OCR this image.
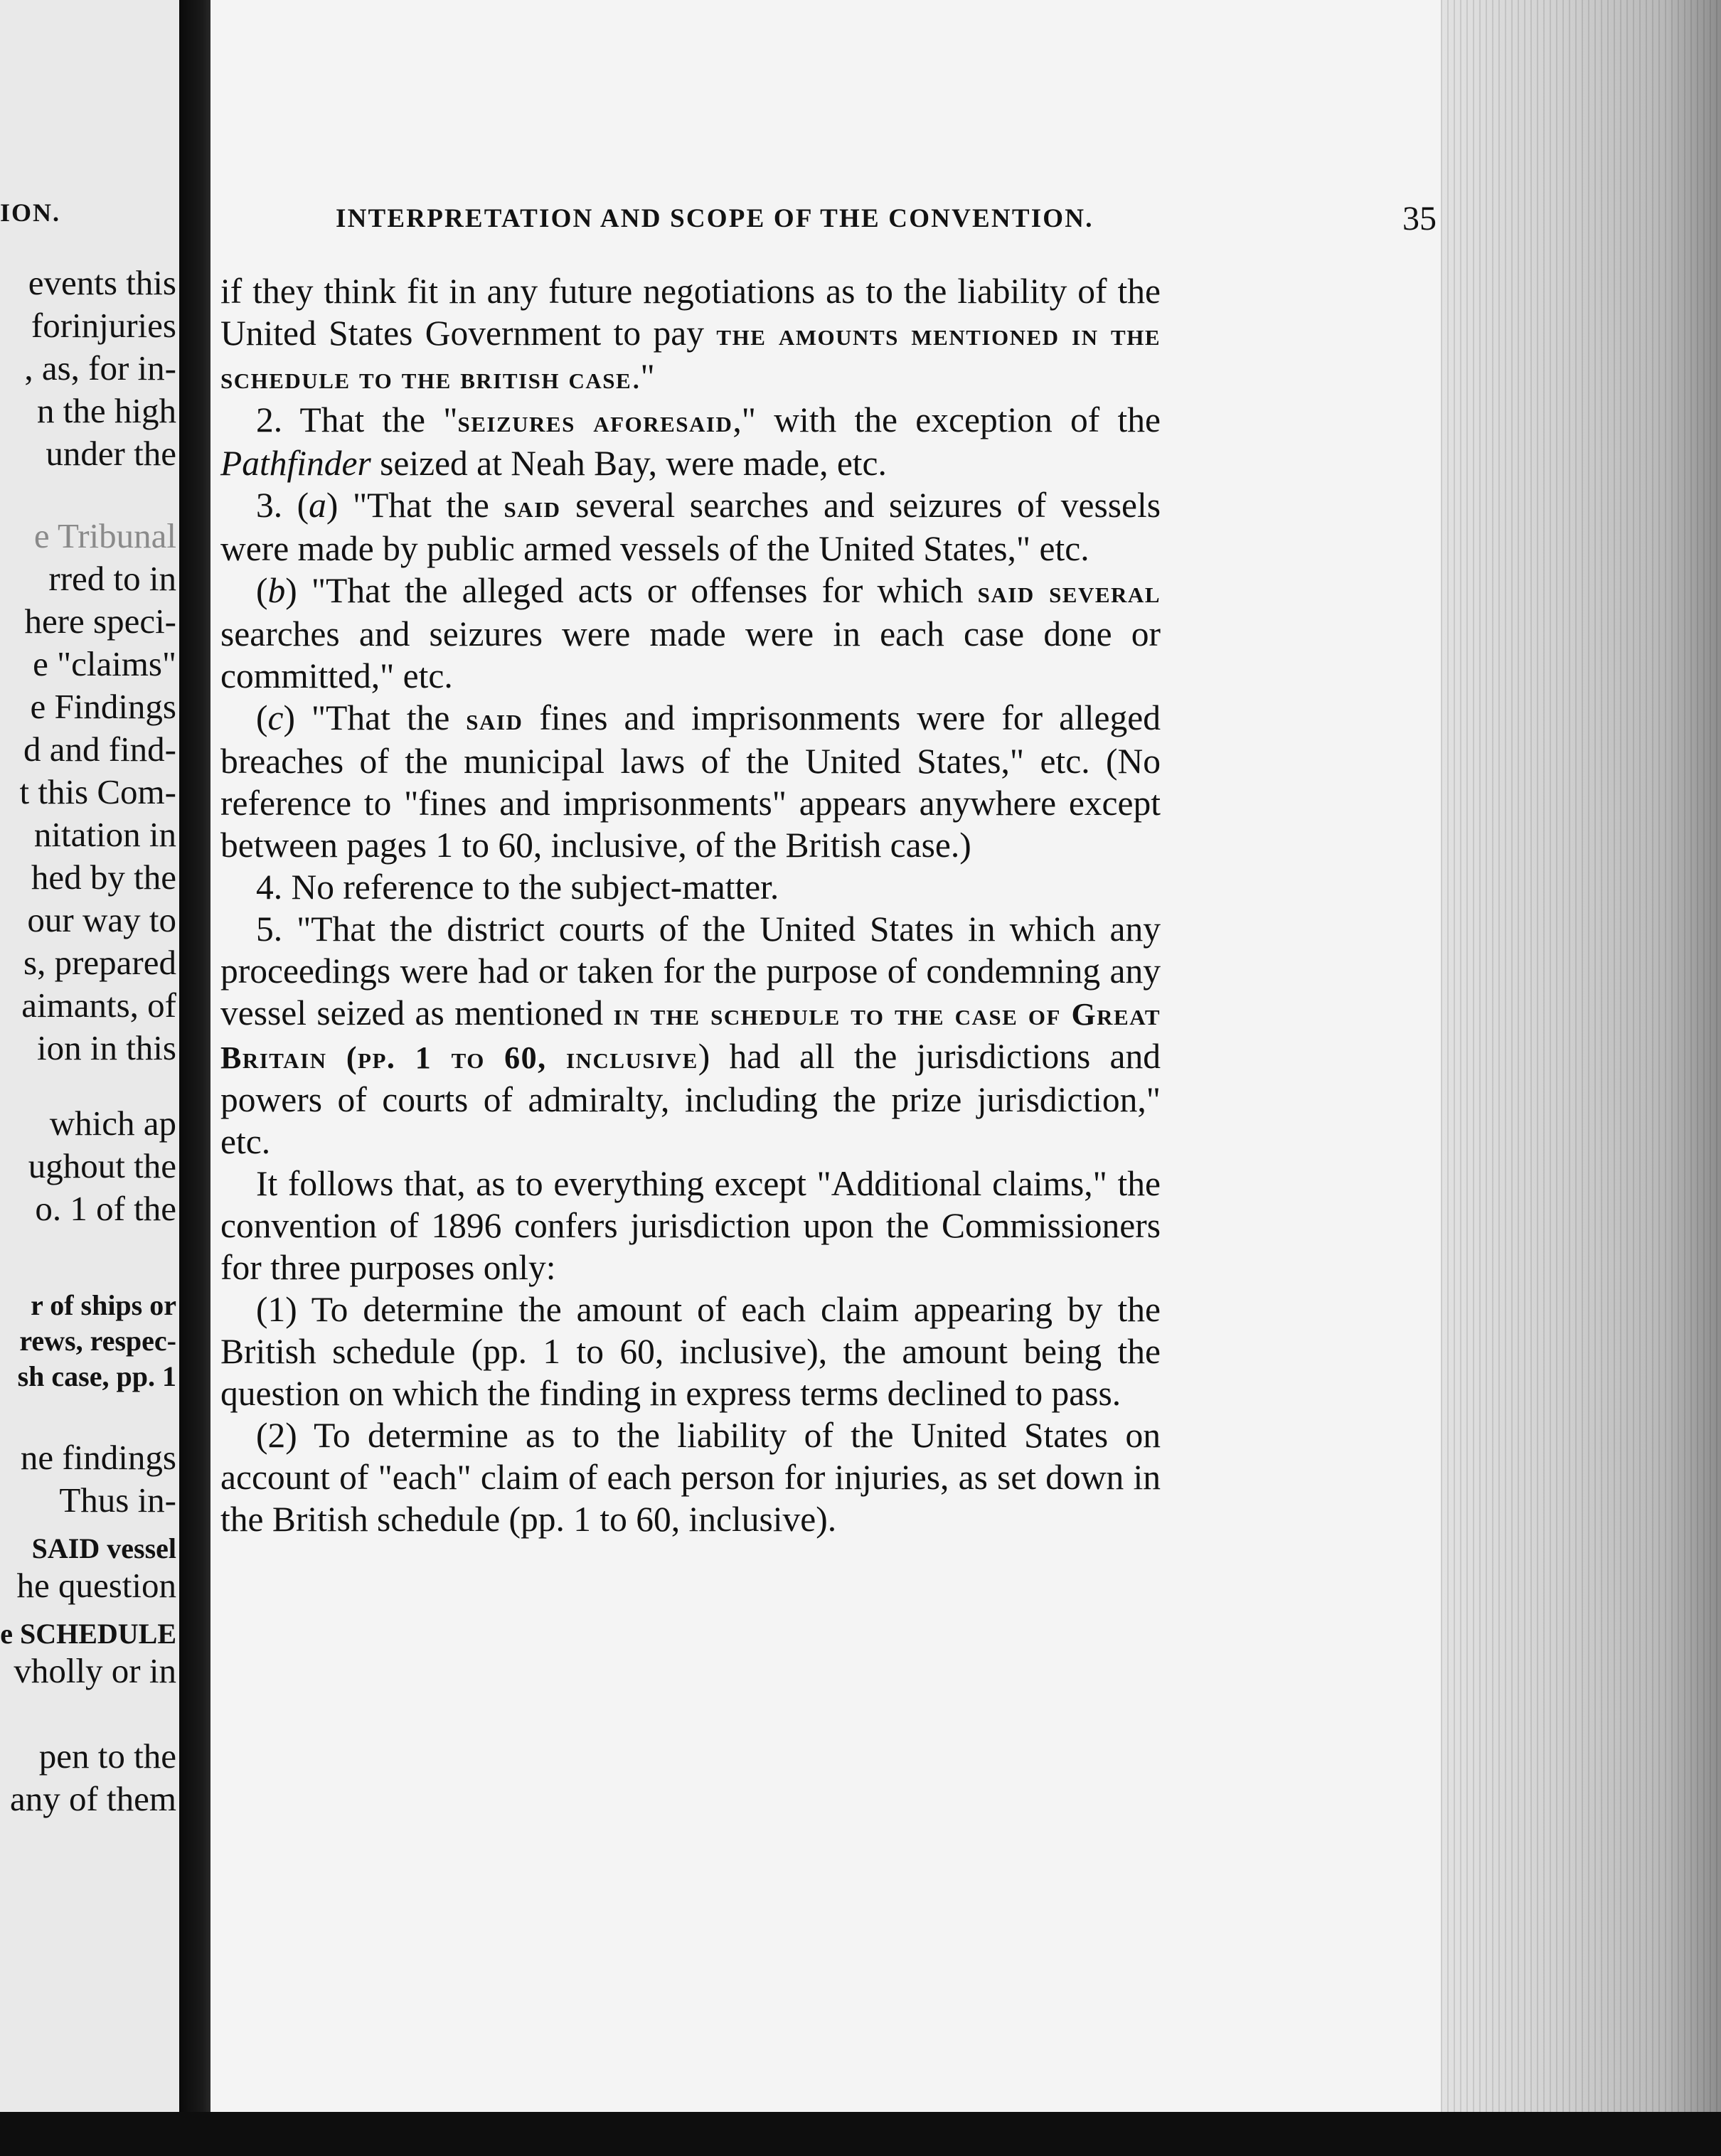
ION.
events this
forinjuries
, as, for in-
n the high
under the
e Tribunal
rred to in
here speci-
e "claims"
e Findings
d and find-
t this Com-
nitation in
hed by the
our way to
s, prepared
aimants, of
ion in this
which ap
ughout the
o. 1 of the
r of ships or
rews, respec-
sh case, pp. 1
ne findings
Thus in-
SAID vessel
he question
e SCHEDULE
vholly or in
pen to the
any of them
INTERPRETATION AND SCOPE OF THE CONVENTION.	35

if they think fit in any future negotiations as to the liability of the United States Government to pay the amounts mentioned in the schedule to the british case."

2. That the "seizures aforesaid," with the exception of the Pathfinder seized at Neah Bay, were made, etc.

3. (a) "That the said several searches and seizures of vessels were made by public armed vessels of the United States," etc.

(b) "That the alleged acts or offenses for which said several searches and seizures were made were in each case done or committed," etc.

(c) "That the said fines and imprisonments were for alleged breaches of the municipal laws of the United States," etc. (No reference to "fines and imprisonments" appears anywhere except between pages 1 to 60, inclusive, of the British case.)

4. No reference to the subject-matter.

5. "That the district courts of the United States in which any proceedings were had or taken for the purpose of condemning any vessel seized as mentioned in the schedule to the case of Great Britain (pp. 1 to 60, inclusive) had all the jurisdictions and powers of courts of admiralty, including the prize jurisdiction," etc.

It follows that, as to everything except "Additional claims," the convention of 1896 confers jurisdiction upon the Commissioners for three purposes only:

(1) To determine the amount of each claim appearing by the British schedule (pp. 1 to 60, inclusive), the amount being the question on which the finding in express terms declined to pass.

(2) To determine as to the liability of the United States on account of "each" claim of each person for injuries, as set down in the British schedule (pp. 1 to 60, inclusive).
